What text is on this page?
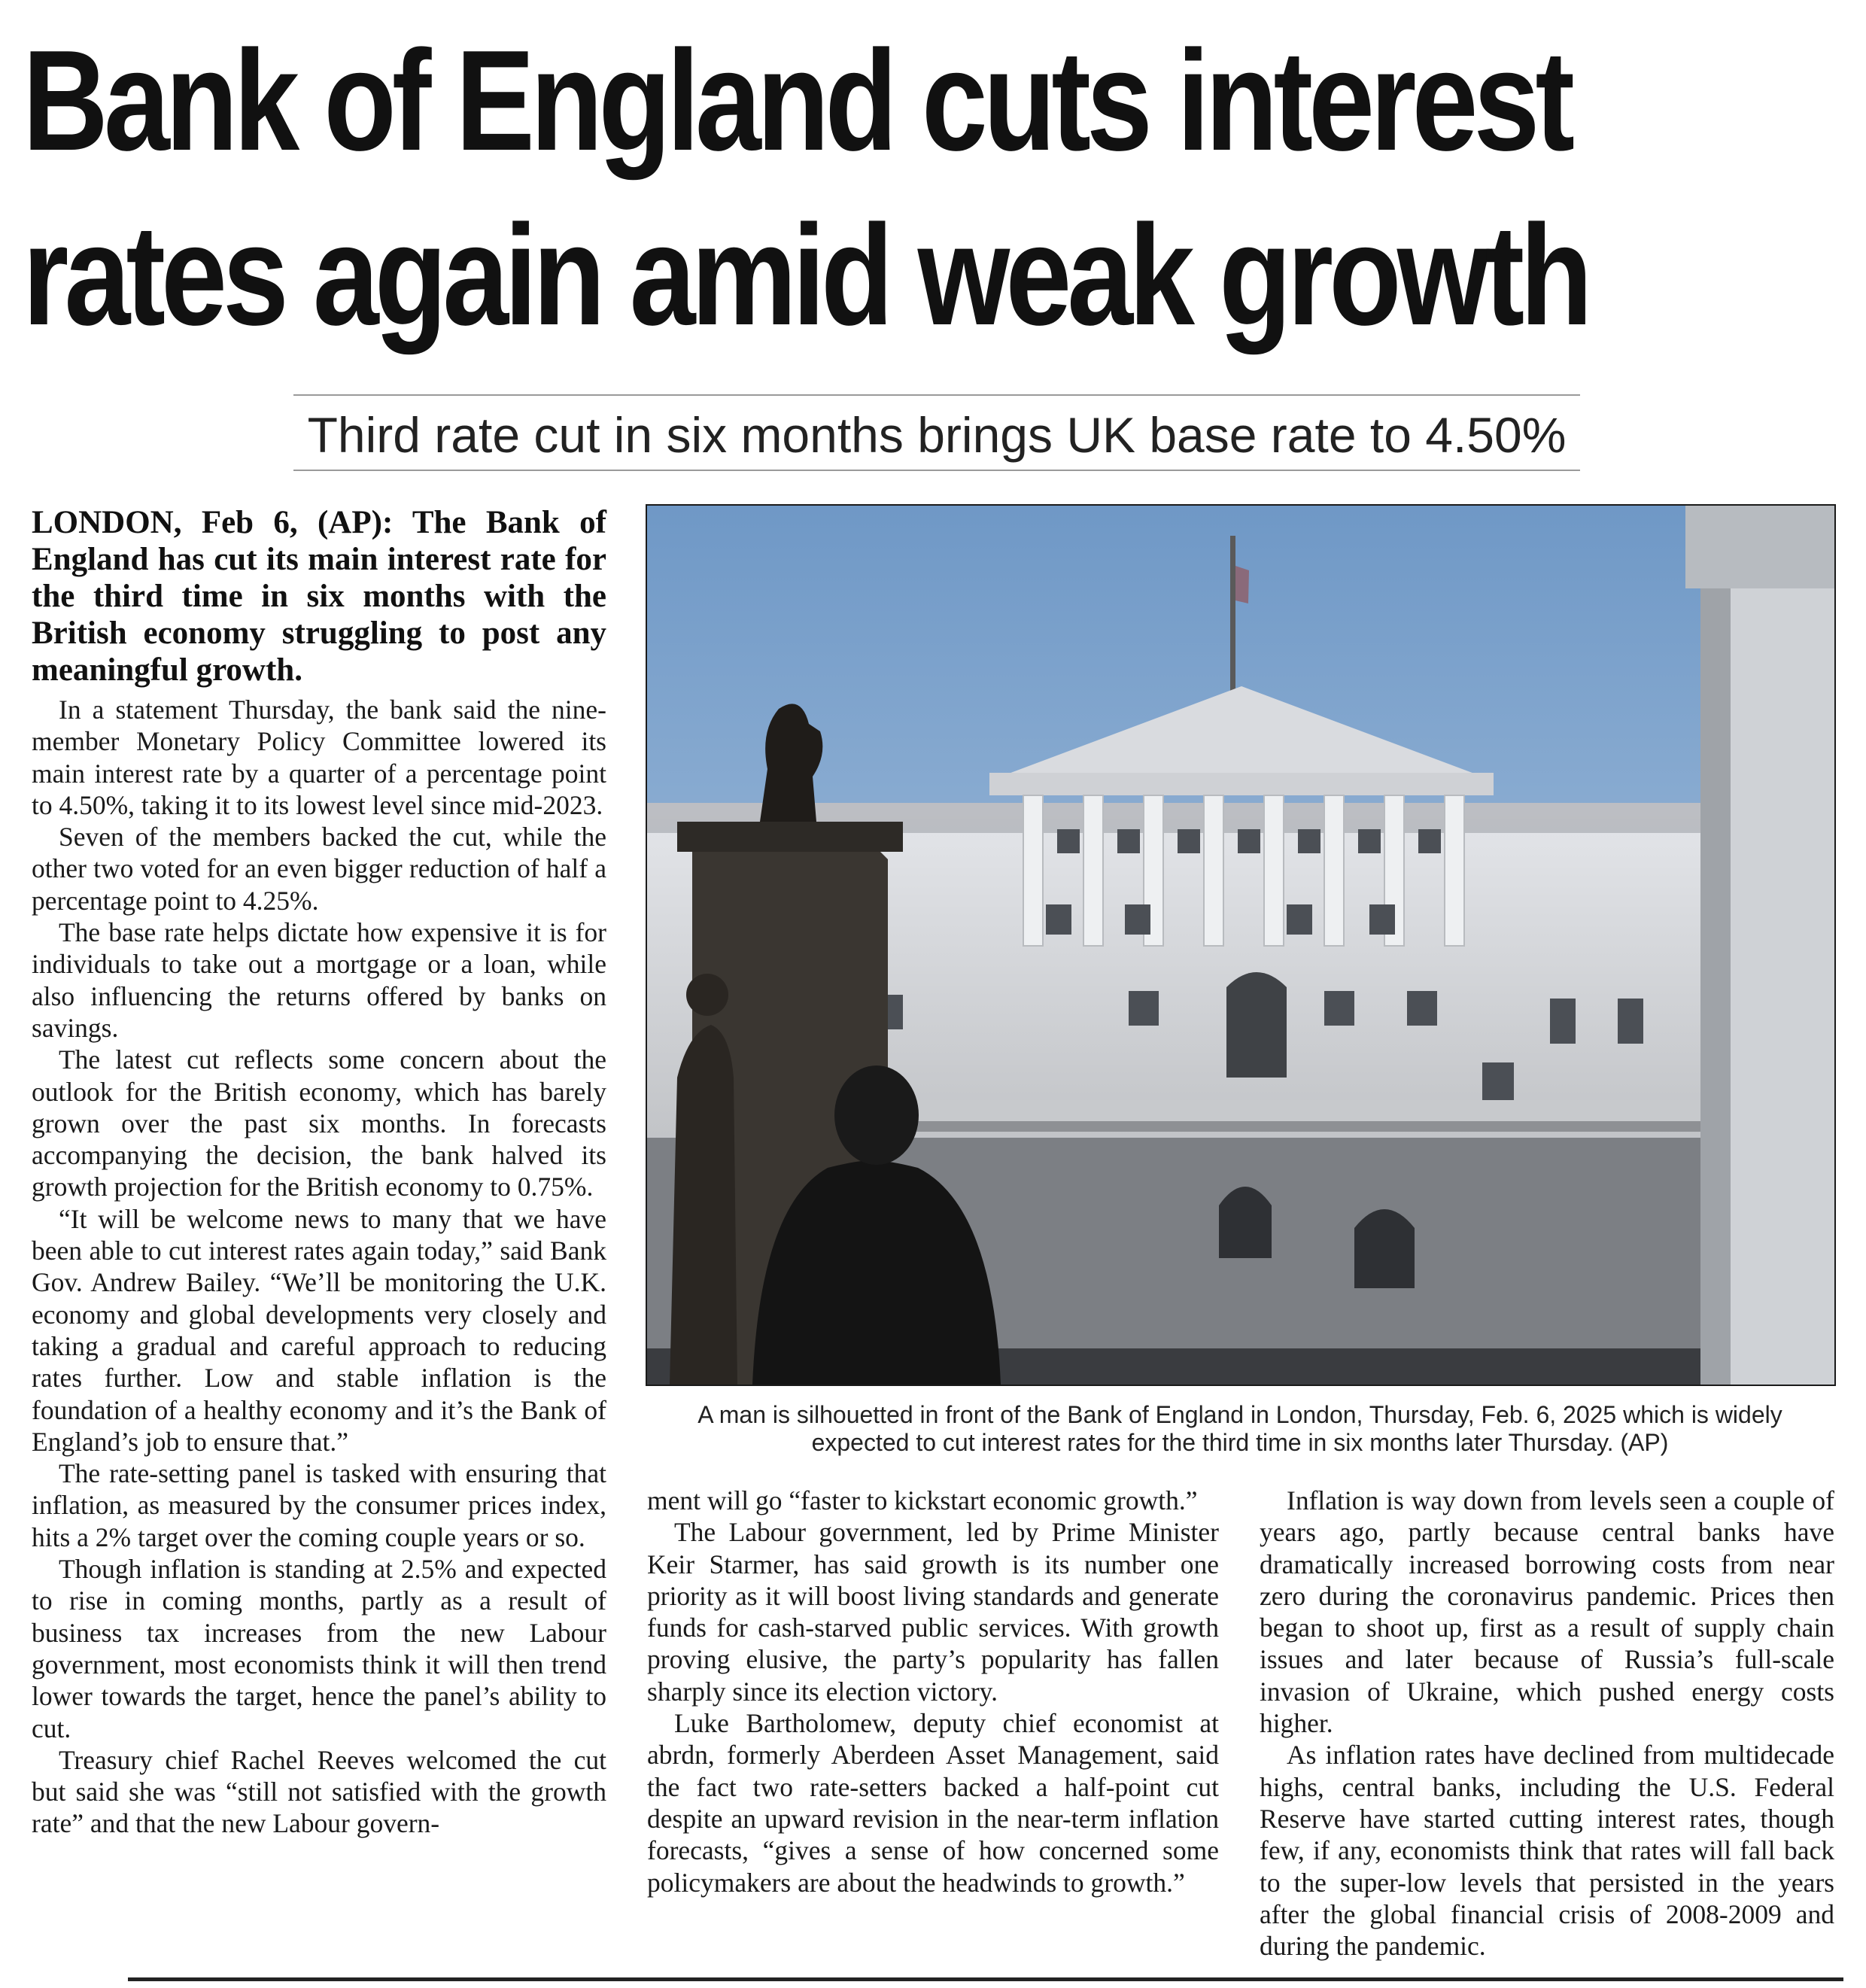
Bank of England cuts interest
rates again amid weak growth
Third rate cut in six months brings UK base rate to 4.50%
LONDON, Feb 6, (AP): The Bank of England has cut its main interest rate for the third time in six months with the British economy struggling to post any meaningful growth.

In a statement Thursday, the bank said the nine-member Monetary Policy Committee lowered its main interest rate by a quarter of a percentage point to 4.50%, taking it to its lowest level since mid-2023.

Seven of the members backed the cut, while the other two voted for an even bigger reduction of half a percentage point to 4.25%.

The base rate helps dictate how expensive it is for individuals to take out a mortgage or a loan, while also influencing the returns offered by banks on savings.

The latest cut reflects some concern about the outlook for the British economy, which has barely grown over the past six months. In forecasts accompanying the decision, the bank halved its growth projection for the British economy to 0.75%.

“It will be welcome news to many that we have been able to cut interest rates again today,” said Bank Gov. Andrew Bailey. “We’ll be monitoring the U.K. economy and global developments very closely and taking a gradual and careful approach to reducing rates further. Low and stable inflation is the foundation of a healthy economy and it’s the Bank of England’s job to ensure that.”

The rate-setting panel is tasked with ensuring that inflation, as measured by the consumer prices index, hits a 2% target over the coming couple years or so.

Though inflation is standing at 2.5% and expected to rise in coming months, partly as a result of business tax increases from the new Labour government, most economists think it will then trend lower towards the target, hence the panel’s ability to cut.

Treasury chief Rachel Reeves welcomed the cut but said she was “still not satisfied with the growth rate” and that the new Labour govern-

A man is silhouetted in front of the Bank of England in London, Thursday, Feb. 6, 2025 which is widely expected to cut interest rates for the third time in six months later Thursday. (AP)

ment will go “faster to kickstart economic growth.”

The Labour government, led by Prime Minister Keir Starmer, has said growth is its number one priority as it will boost living standards and generate funds for cash-starved public services. With growth proving elusive, the party’s popularity has fallen sharply since its election victory.

Luke Bartholomew, deputy chief economist at abrdn, formerly Aberdeen Asset Management, said the fact two rate-setters backed a half-point cut despite an upward revision in the near-term inflation forecasts, “gives a sense of how concerned some policymakers are about the headwinds to growth.”

Inflation is way down from levels seen a couple of years ago, partly because central banks have dramatically increased borrowing costs from near zero during the coronavirus pandemic. Prices then began to shoot up, first as a result of supply chain issues and later because of Russia’s full-scale invasion of Ukraine, which pushed energy costs higher.

As inflation rates have declined from multidecade highs, central banks, including the U.S. Federal Reserve have started cutting interest rates, though few, if any, economists think that rates will fall back to the super-low levels that persisted in the years after the global financial crisis of 2008-2009 and during the pandemic.
